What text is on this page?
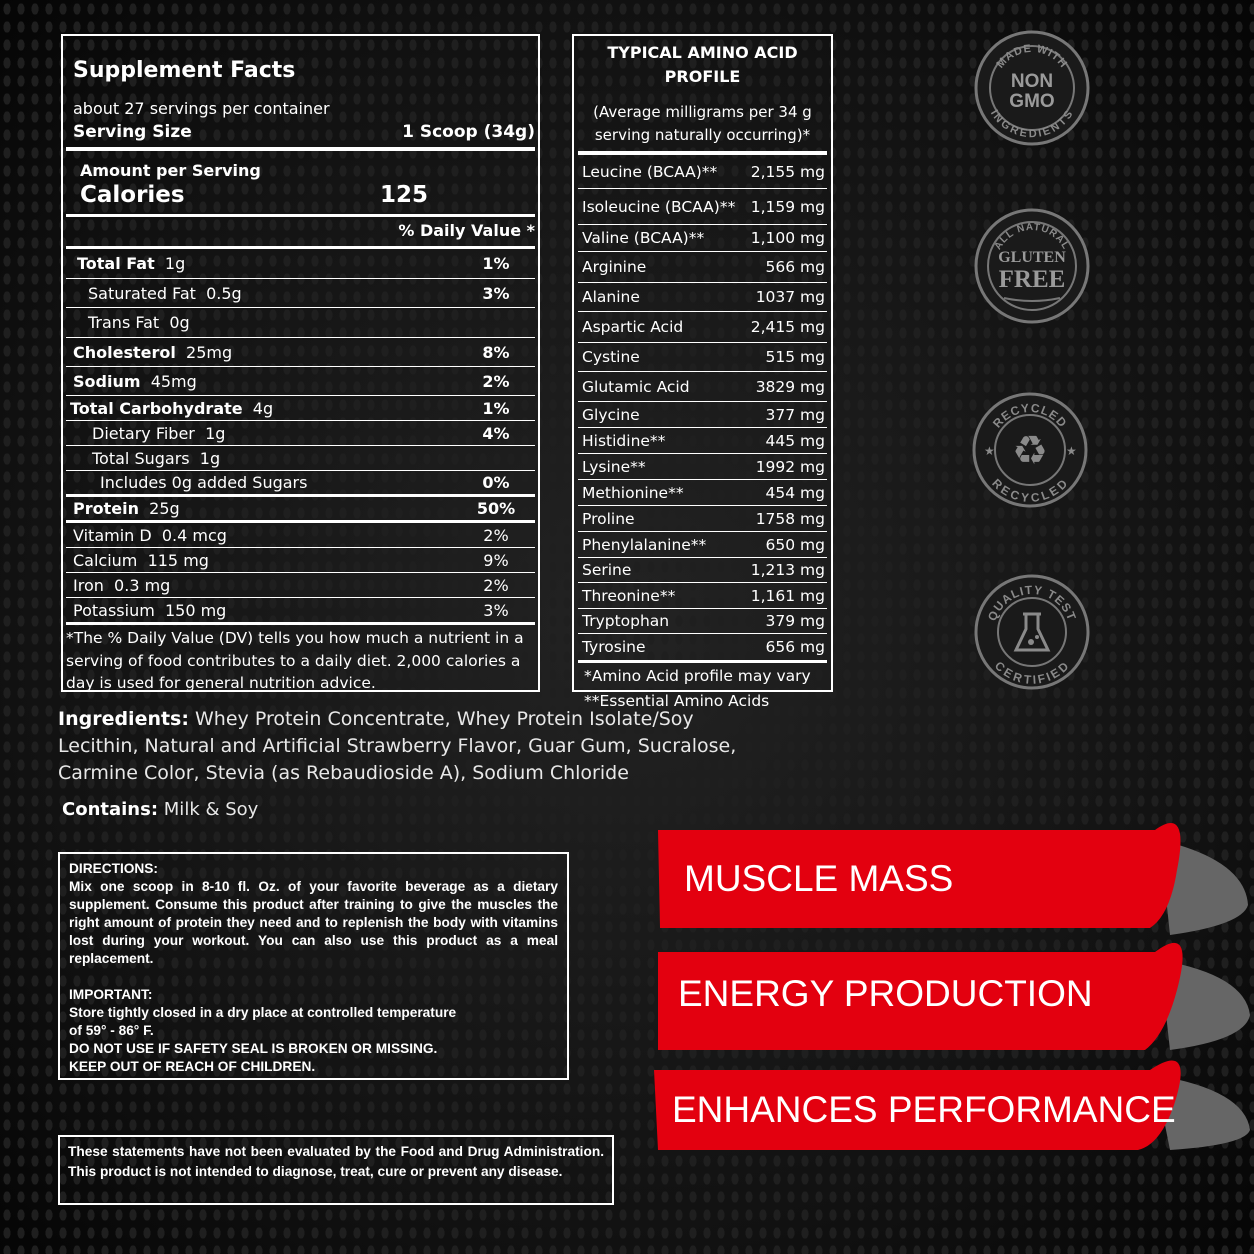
Supplement Facts
about 27 servings per container
Serving Size	1 Scoop (34g)
Amount per Serving
Calories	125
% Daily Value *
Total Fat 1g	1%
Saturated Fat 0.5g	3%
Trans Fat 0g
Cholesterol 25mg	8%
Sodium 45mg	2%
Total Carbohydrate 4g	1%
Dietary Fiber 1g	4%
Total Sugars 1g
Includes 0g added Sugars	0%
Protein 25g	50%
Vitamin D 0.4 mcg	2%
Calcium 115 mg	9%
Iron 0.3 mg	2%
Potassium 150 mg	3%
*The % Daily Value (DV) tells you how much a nutrient in a serving of food contributes to a daily diet. 2,000 calories a day is used for general nutrition advice.
TYPICAL AMINO ACID PROFILE
(Average milligrams per 34 g serving naturally occurring)*
Leucine (BCAA)** 2,155 mg
Isoleucine (BCAA)** 1,159 mg
Valine (BCAA)**	1,100 mg
Arginine	566 mg
Alanine	1037 mg
Aspartic Acid	2,415 mg
Cystine	515 mg
Glutamic Acid	3829 mg
Glycine	377 mg
Histidine**	445 mg
Lysine**	1992 mg
Methionine**	454 mg
Proline	1758 mg
Phenylalanine**	650 mg
Serine	1,213 mg
Threonine**	1,161 mg
Tryptophan	379 mg
Tyrosine	656 mg
*Amino Acid profile may vary
**Essential Amino Acids
Ingredients: Whey Protein Concentrate, Whey Protein Isolate/Soy Lecithin, Natural and Artificial Strawberry Flavor, Guar Gum, Sucralose, Carmine Color, Stevia (as Rebaudioside A), Sodium Chloride
Contains: Milk & Soy
DIRECTIONS:
Mix one scoop in 8-10 fl. Oz. of your favorite beverage as a dietary supplement. Consume this product after training to give the muscles the right amount of protein they need and to replenish the body with vitamins lost during your workout. You can also use this product as a meal replacement.
IMPORTANT:
Store tightly closed in a dry place at controlled temperature
of 59° - 86° F.
DO NOT USE IF SAFETY SEAL IS BROKEN OR MISSING.
KEEP OUT OF REACH OF CHILDREN.
These statements have not been evaluated by the Food and Drug Administration. This product is not intended to diagnose, treat, cure or prevent any disease.
MADE WITH
INGREDIENTS
NON
GMO
ALL NATURAL
GLUTEN
FREE
RECYCLED
RECYCLED
♻
★	★
QUALITY TEST
CERTIFIED
MUSCLE MASS
ENERGY PRODUCTION
ENHANCES PERFORMANCE
